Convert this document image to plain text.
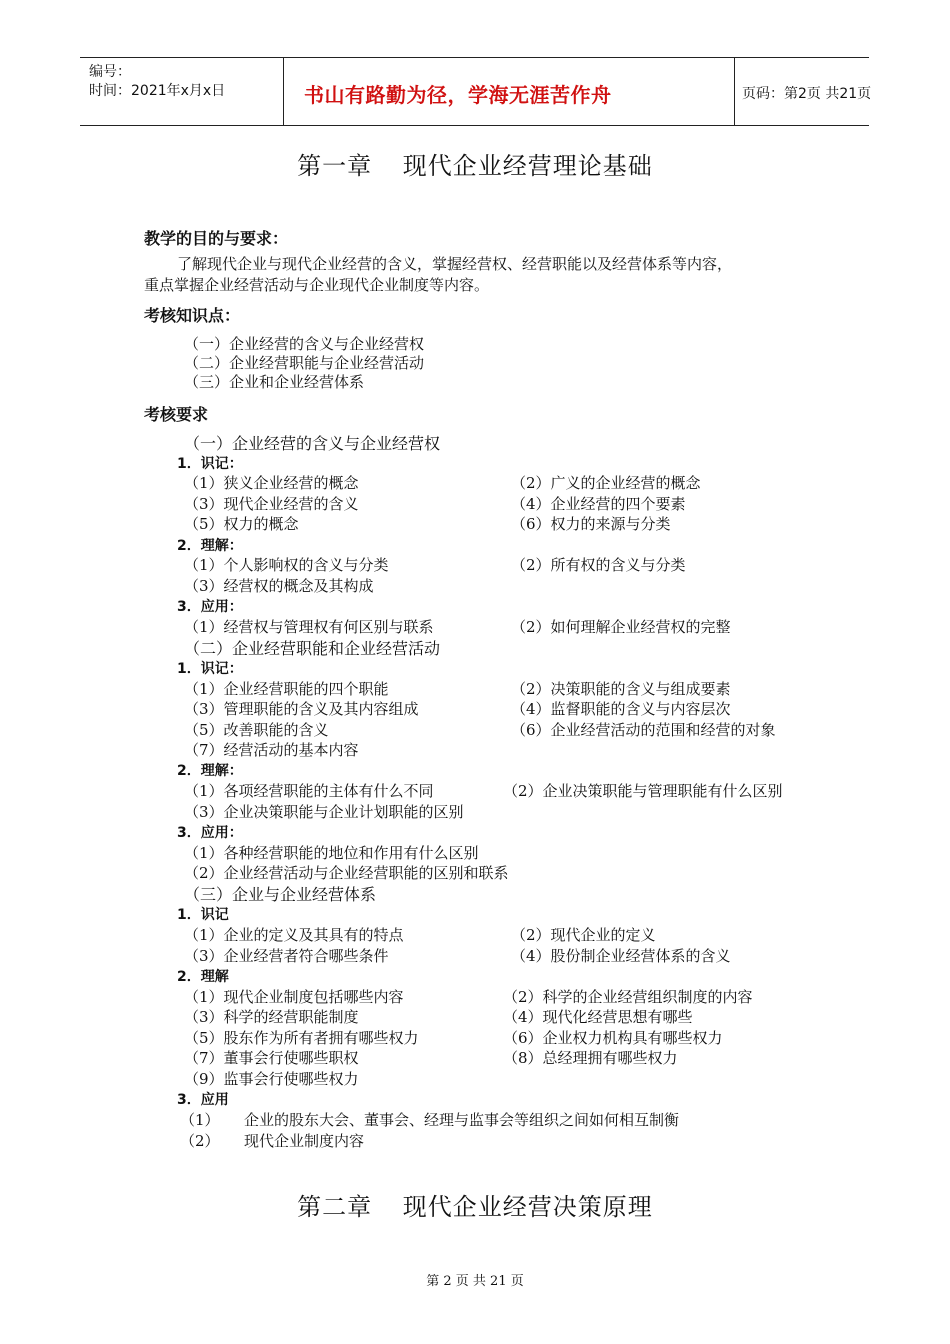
编号：
时间：2021年x月x日	书山有路勤为径，学海无涯苦作舟	页码：第2页 共21页
第一章 现代企业经营理论基础
教学的目的与要求：
了解现代企业与现代企业经营的含义，掌握经营权、经营职能以及经营体系等内容，
重点掌握企业经营活动与企业现代企业制度等内容。
考核知识点：
（一）企业经营的含义与企业经营权
（二）企业经营职能与企业经营活动
（三）企业和企业经营体系
考核要求
（一）企业经营的含义与企业经营权
1．识记：
（1）狭义企业经营的概念	（2）广义的企业经营的概念
（3）现代企业经营的含义	（4）企业经营的四个要素
（5）权力的概念	（6）权力的来源与分类
2．理解：
（1）个人影响权的含义与分类	（2）所有权的含义与分类
（3）经营权的概念及其构成
3．应用：
（1）经营权与管理权有何区别与联系	（2）如何理解企业经营权的完整
（二）企业经营职能和企业经营活动
1．识记：
（1）企业经营职能的四个职能	（2）决策职能的含义与组成要素
（3）管理职能的含义及其内容组成	（4）监督职能的含义与内容层次
（5）改善职能的含义	（6）企业经营活动的范围和经营的对象
（7）经营活动的基本内容
2．理解：
（1）各项经营职能的主体有什么不同	（2）企业决策职能与管理职能有什么区别
（3）企业决策职能与企业计划职能的区别
3．应用：
（1）各种经营职能的地位和作用有什么区别
（2）企业经营活动与企业经营职能的区别和联系
（三）企业与企业经营体系
1．识记
（1）企业的定义及其具有的特点	（2）现代企业的定义
（3）企业经营者符合哪些条件	（4）股份制企业经营体系的含义
2．理解
（1）现代企业制度包括哪些内容	（2）科学的企业经营组织制度的内容
（3）科学的经营职能制度	（4）现代化经营思想有哪些
（5）股东作为所有者拥有哪些权力	（6）企业权力机构具有哪些权力
（7）董事会行使哪些职权	（8）总经理拥有哪些权力
（9）监事会行使哪些权力
3．应用
（1） 企业的股东大会、董事会、经理与监事会等组织之间如何相互制衡
（2） 现代企业制度内容
第二章 现代企业经营决策原理
第 2 页 共 21 页
